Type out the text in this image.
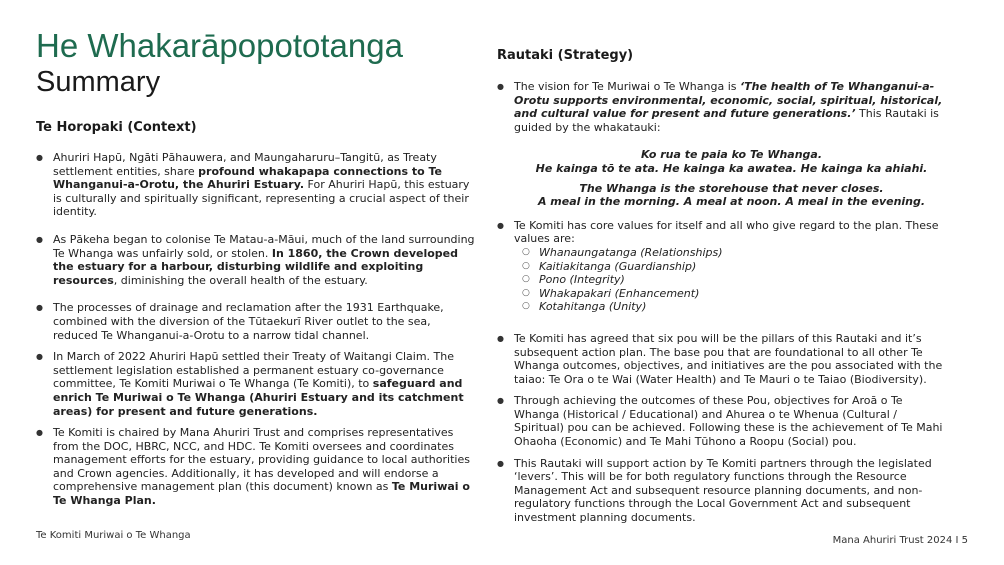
He Whakarāpopototanga
Summary
Te Horopaki (Context)
● Ahuriri Hapū, Ngāti Pāhauwera, and Maungaharuru–Tangitū, as Treaty settlement entities, share profound whakapapa connections to Te Whanganui-a-Orotu, the Ahuriri Estuary. For Ahuriri Hapū, this estuary is culturally and spiritually significant, representing a crucial aspect of their identity.
● As Pākeha began to colonise Te Matau-a-Māui, much of the land surrounding Te Whanga was unfairly sold, or stolen. In 1860, the Crown developed the estuary for a harbour, disturbing wildlife and exploiting resources, diminishing the overall health of the estuary.
● The processes of drainage and reclamation after the 1931 Earthquake, combined with the diversion of the Tūtaekurī River outlet to the sea, reduced Te Whanganui-a-Orotu to a narrow tidal channel.
● In March of 2022 Ahuriri Hapū settled their Treaty of Waitangi Claim. The settlement legislation established a permanent estuary co-governance committee, Te Komiti Muriwai o Te Whanga (Te Komiti), to safeguard and enrich Te Muriwai o Te Whanga (Ahuriri Estuary and its catchment areas) for present and future generations.
● Te Komiti is chaired by Mana Ahuriri Trust and comprises representatives from the DOC, HBRC, NCC, and HDC. Te Komiti oversees and coordinates management efforts for the estuary, providing guidance to local authorities and Crown agencies. Additionally, it has developed and will endorse a comprehensive management plan (this document) known as Te Muriwai o Te Whanga Plan.
Rautaki (Strategy)
● The vision for Te Muriwai o Te Whanga is ‘The health of Te Whanganui-a-Orotu supports environmental, economic, social, spiritual, historical, and cultural value for present and future generations.’ This Rautaki is guided by the whakatauki:

Ko rua te paia ko Te Whanga.

He kainga tō te ata. He kainga ka awatea. He kainga ka ahiahi.

The Whanga is the storehouse that never closes.

A meal in the morning. A meal at noon. A meal in the evening.

● Te Komiti has core values for itself and all who give regard to the plan. These values are:
○ Whanaungatanga (Relationships)
○ Kaitiakitanga (Guardianship)
○ Pono (Integrity)
○ Whakapakari (Enhancement)
○ Kotahitanga (Unity)
● Te Komiti has agreed that six pou will be the pillars of this Rautaki and it’s subsequent action plan. The base pou that are foundational to all other Te Whanga outcomes, objectives, and initiatives are the pou associated with the taiao: Te Ora o te Wai (Water Health) and Te Mauri o te Taiao (Biodiversity).
● Through achieving the outcomes of these Pou, objectives for Aroā o Te Whanga (Historical / Educational) and Ahurea o te Whenua (Cultural / Spiritual) pou can be achieved. Following these is the achievement of Te Mahi Ohaoha (Economic) and Te Mahi Tūhono a Roopu (Social) pou.
● This Rautaki will support action by Te Komiti partners through the legislated ‘levers’. This will be for both regulatory functions through the Resource Management Act and subsequent resource planning documents, and non-regulatory functions through the Local Government Act and subsequent investment planning documents.
Te Komiti Muriwai o Te Whanga	Mana Ahuriri Trust 2024 I 5
